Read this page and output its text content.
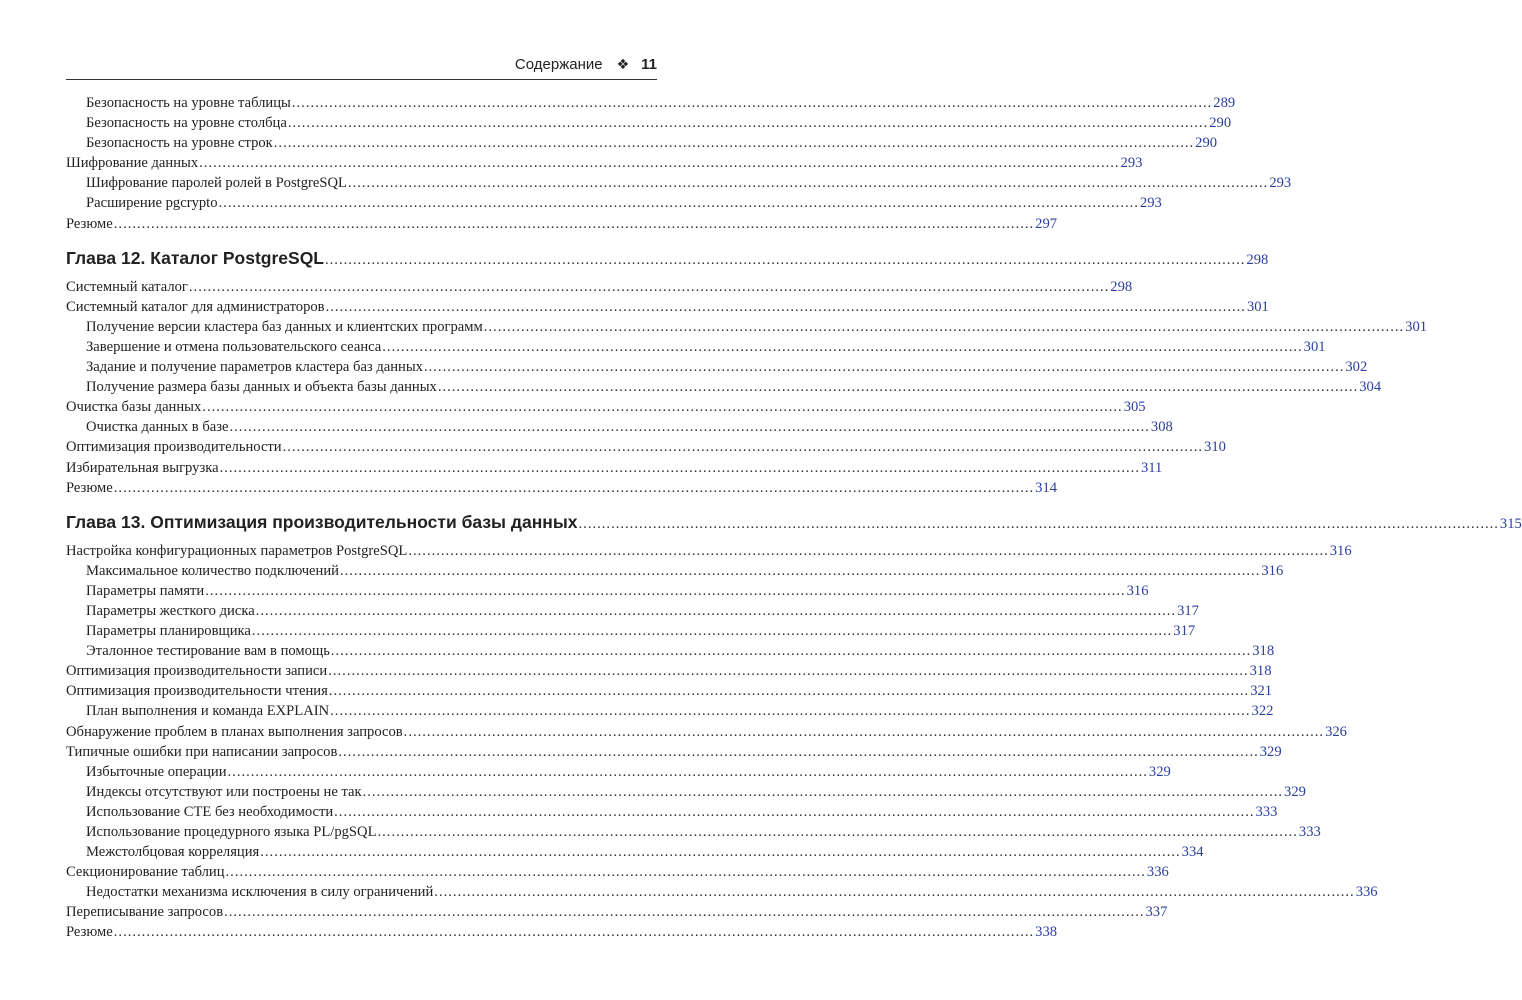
Содержание ❖ 11
Безопасность на уровне таблицы .....	289
Безопасность на уровне столбца .....	290
Безопасность на уровне строк .....	290
Шифрование данных .....	293
Шифрование паролей ролей в PostgreSQL .....	293
Расширение pgcrypto .....	293
Резюме .....	297
Глава 12. Каталог PostgreSQL .....	298
Системный каталог .....	298
Системный каталог для администраторов .....	301
Получение версии кластера баз данных и клиентских программ .....	301
Завершение и отмена пользовательского сеанса .....	301
Задание и получение параметров кластера баз данных .....	302
Получение размера базы данных и объекта базы данных .....	304
Очистка базы данных .....	305
Очистка данных в базе .....	308
Оптимизация производительности .....	310
Избирательная выгрузка .....	311
Резюме .....	314
Глава 13. Оптимизация производительности базы данных .....	315
Настройка конфигурационных параметров PostgreSQL .....	316
Максимальное количество подключений .....	316
Параметры памяти .....	316
Параметры жесткого диска .....	317
Параметры планировщика .....	317
Эталонное тестирование вам в помощь .....	318
Оптимизация производительности записи .....	318
Оптимизация производительности чтения .....	321
План выполнения и команда EXPLAIN .....	322
Обнаружение проблем в планах выполнения запросов .....	326
Типичные ошибки при написании запросов .....	329
Избыточные операции .....	329
Индексы отсутствуют или построены не так .....	329
Использование CTE без необходимости .....	333
Использование процедурного языка PL/pgSQL .....	333
Межстолбцовая корреляция .....	334
Секционирование таблиц .....	336
Недостатки механизма исключения в силу ограничений .....	336
Переписывание запросов .....	337
Резюме .....	338
